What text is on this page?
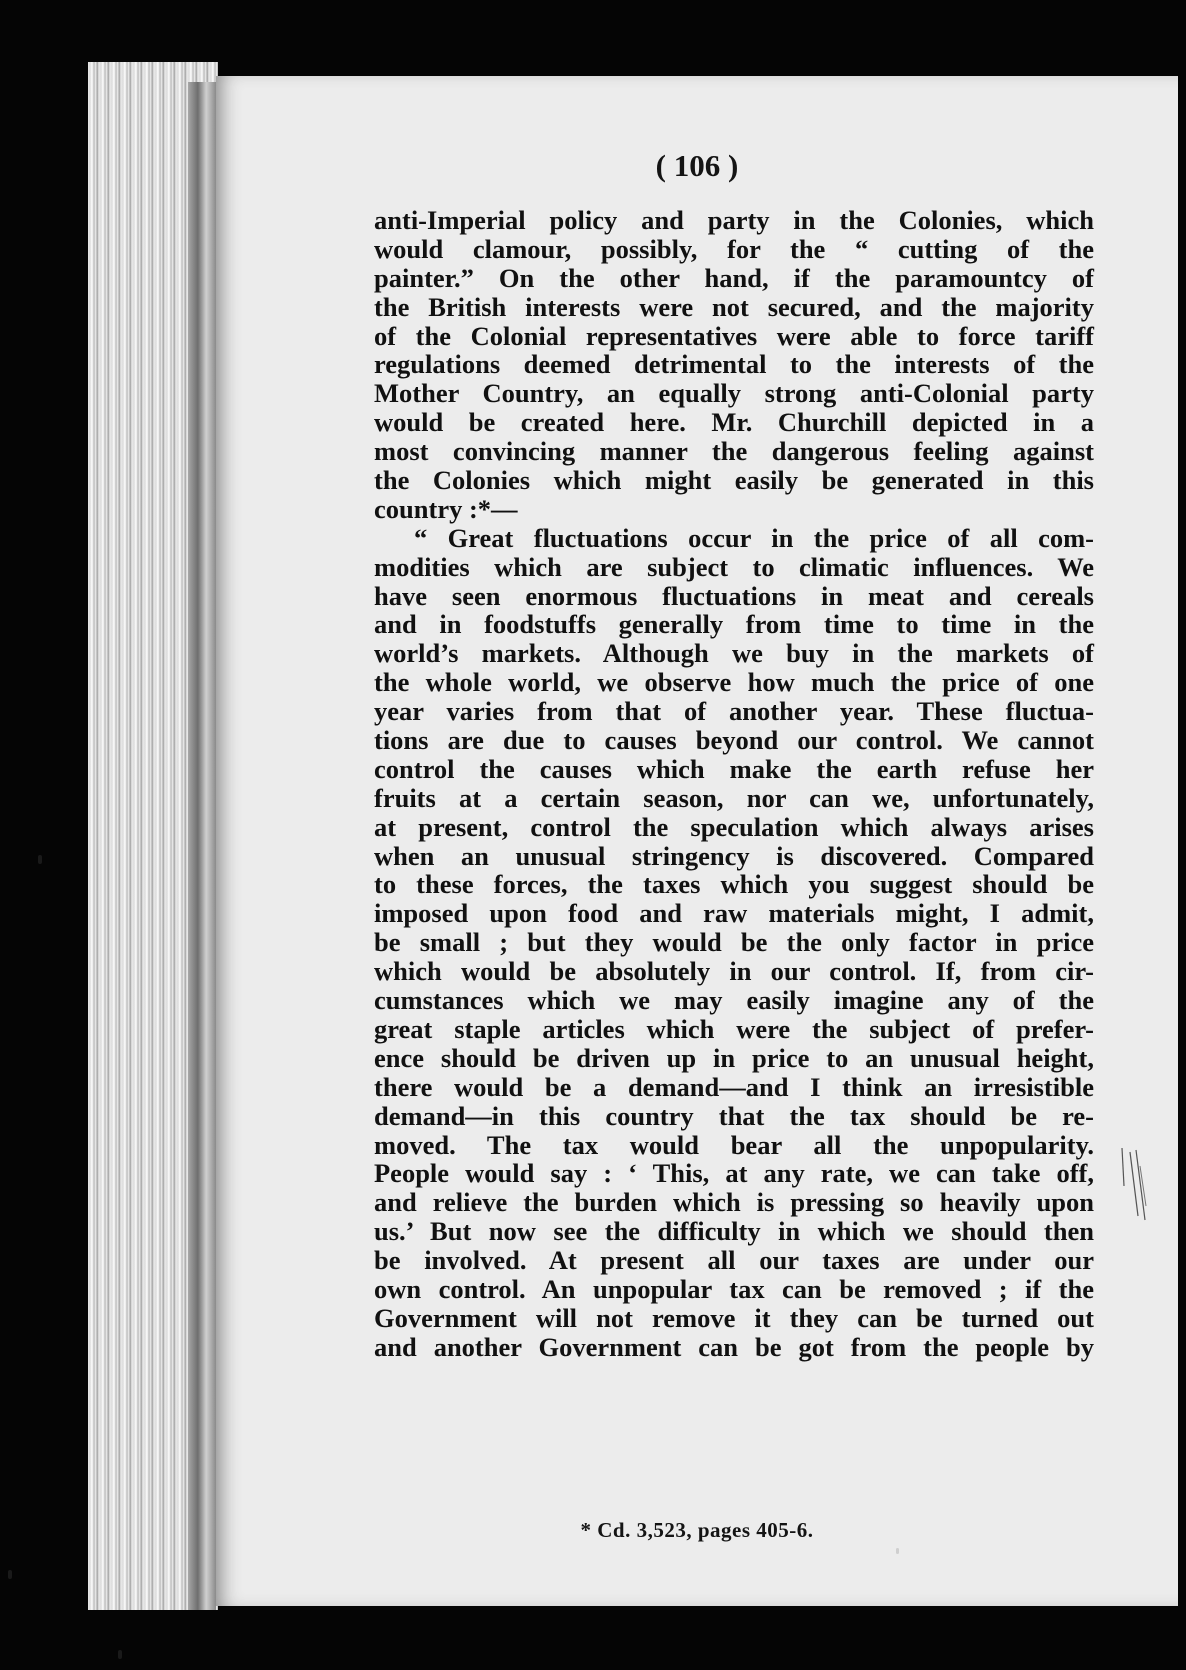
( 106 )

anti-Imperial policy and party in the Colonies, which
would clamour, possibly, for the “ cutting of the
painter.” On the other hand, if the paramountcy of
the British interests were not secured, and the majority
of the Colonial representatives were able to force tariff
regulations deemed detrimental to the interests of the
Mother Country, an equally strong anti-Colonial party
would be created here. Mr. Churchill depicted in a
most convincing manner the dangerous feeling against
the Colonies which might easily be generated in this
country :*—
“ Great fluctuations occur in the price of all com-
modities which are subject to climatic influences. We
have seen enormous fluctuations in meat and cereals
and in foodstuffs generally from time to time in the
world’s markets. Although we buy in the markets of
the whole world, we observe how much the price of one
year varies from that of another year. These fluctua-
tions are due to causes beyond our control. We cannot
control the causes which make the earth refuse her
fruits at a certain season, nor can we, unfortunately,
at present, control the speculation which always arises
when an unusual stringency is discovered. Compared
to these forces, the taxes which you suggest should be
imposed upon food and raw materials might, I admit,
be small ; but they would be the only factor in price
which would be absolutely in our control. If, from cir-
cumstances which we may easily imagine any of the
great staple articles which were the subject of prefer-
ence should be driven up in price to an unusual height,
there would be a demand—and I think an irresistible
demand—in this country that the tax should be re-
moved. The tax would bear all the unpopularity.
People would say : ‘ This, at any rate, we can take off,
and relieve the burden which is pressing so heavily upon
us.’ But now see the difficulty in which we should then
be involved. At present all our taxes are under our
own control. An unpopular tax can be removed ; if the
Government will not remove it they can be turned out
and another Government can be got from the people by

* Cd. 3,523, pages 405-6.
